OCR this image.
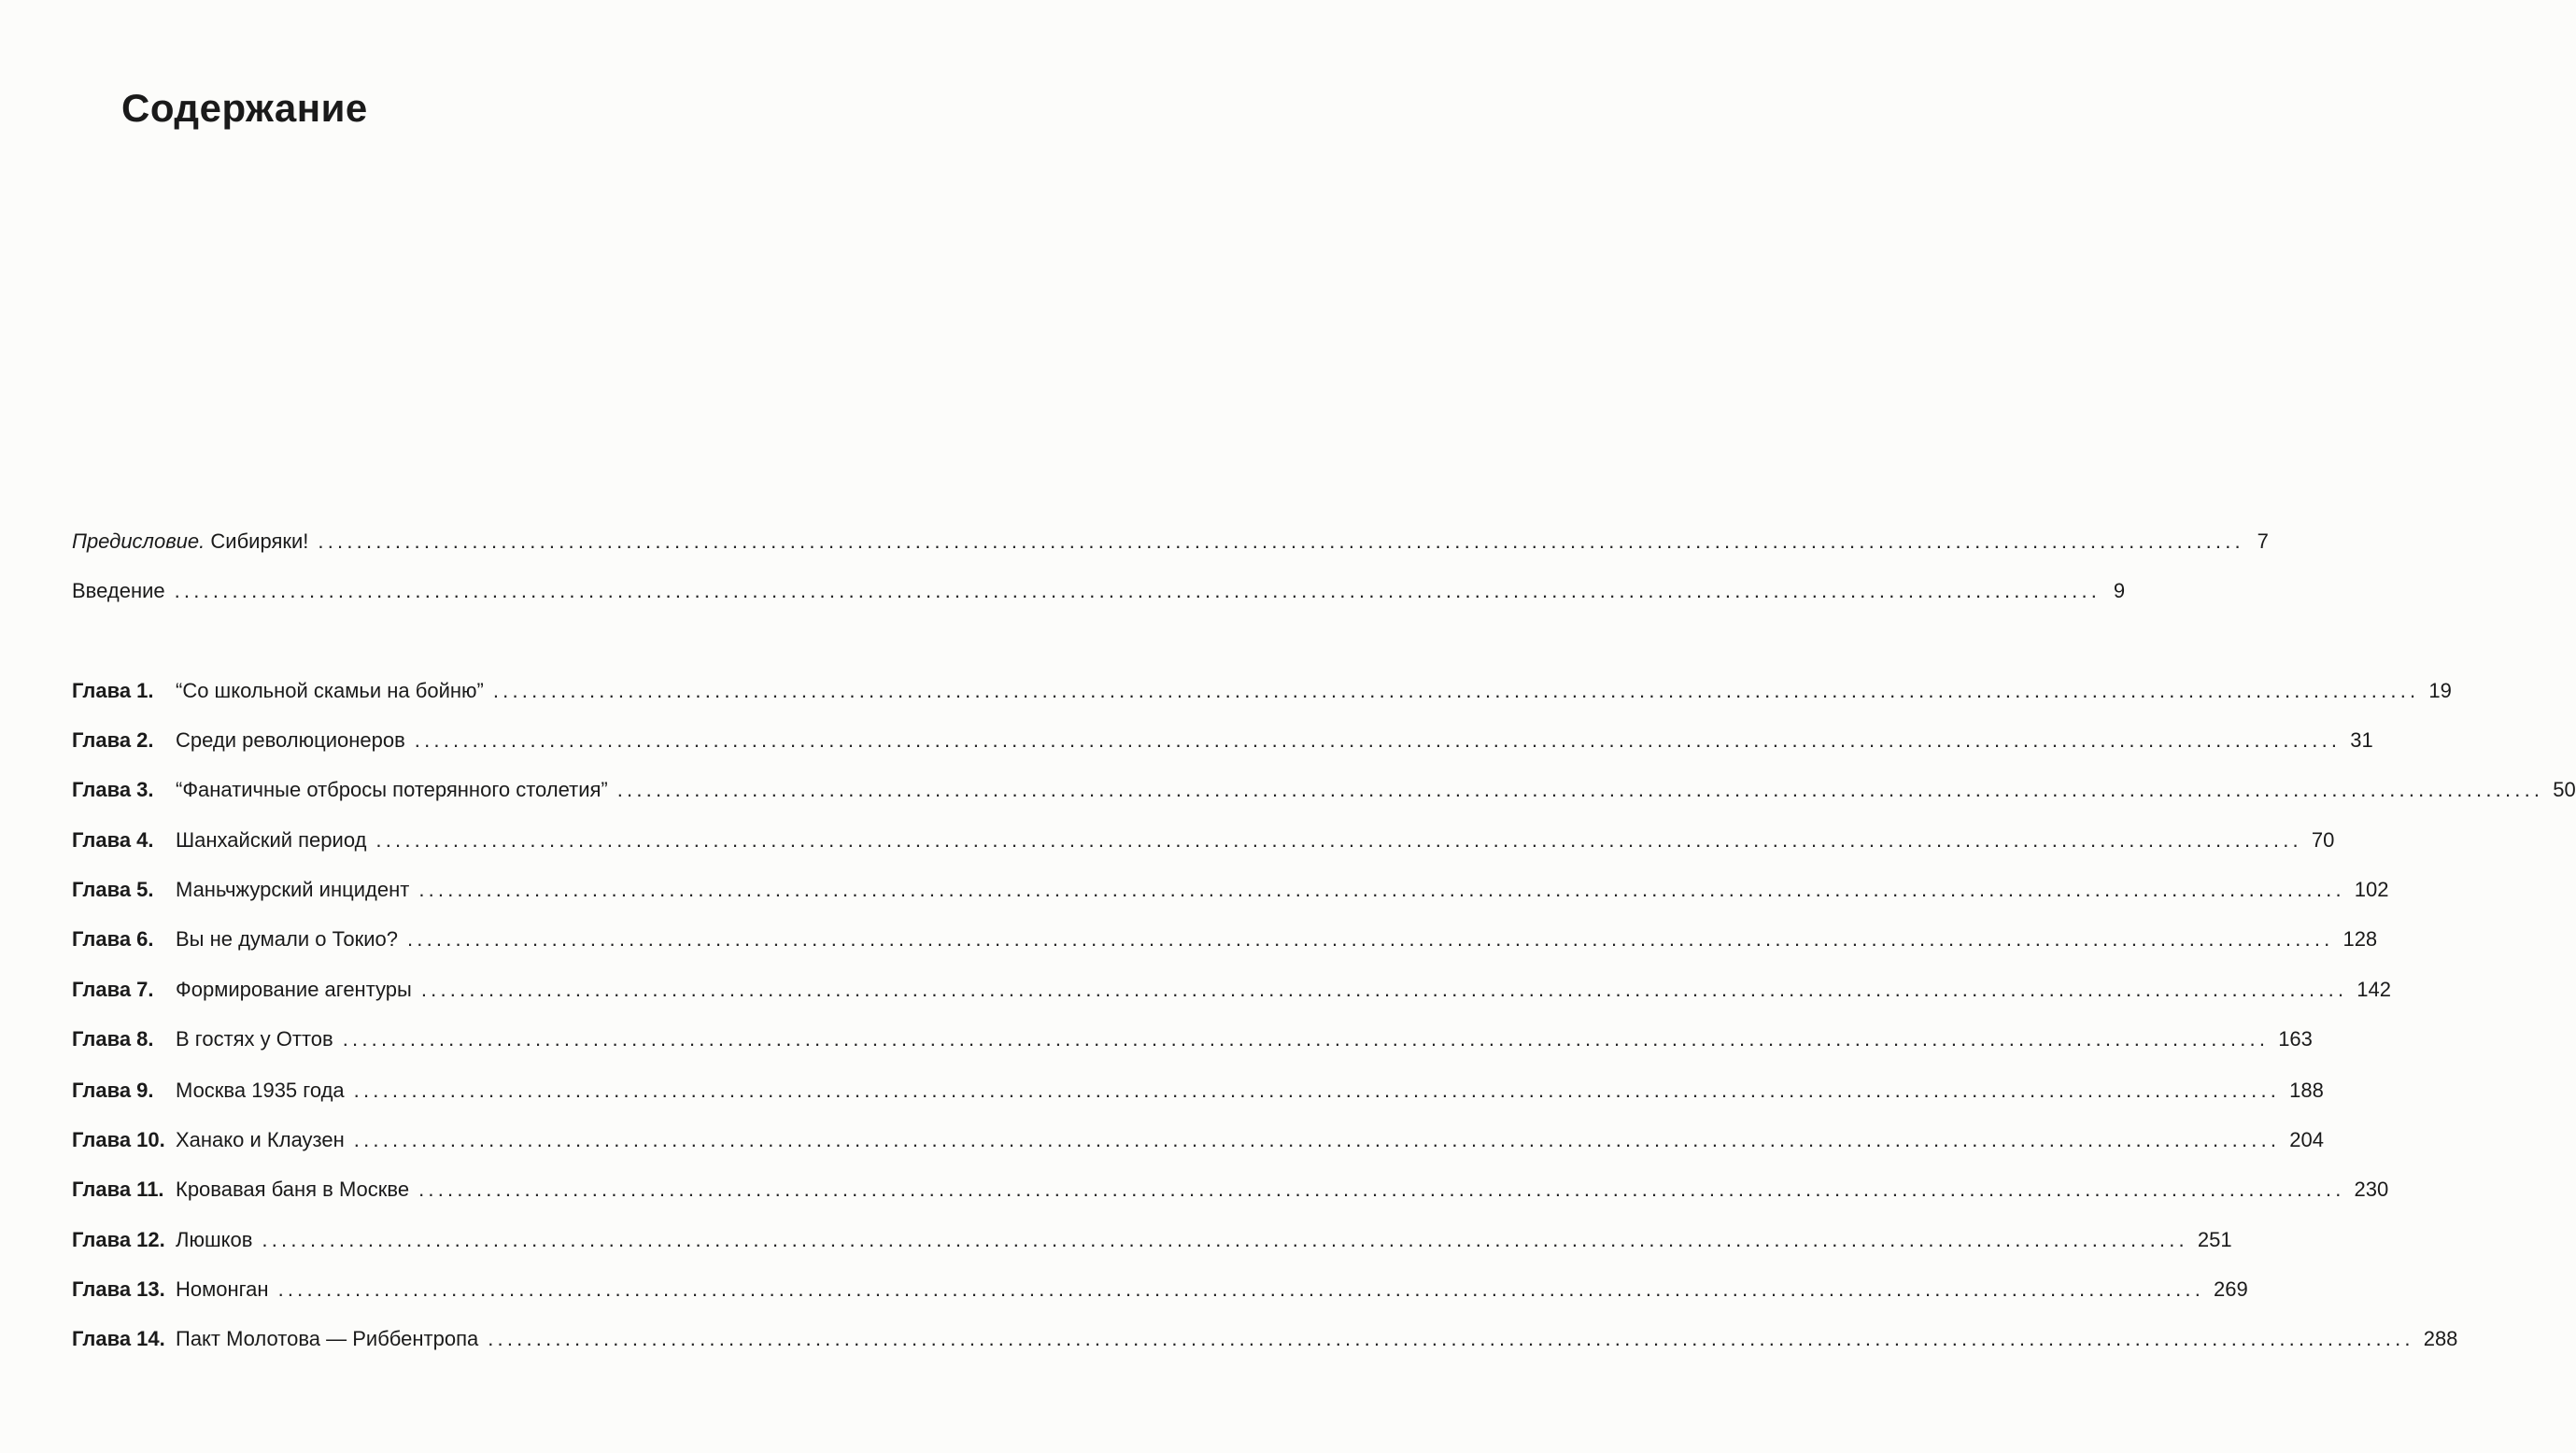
Содержание
Предисловие. Сибиряки! ........................................................................................................................................................................................................ 7
Введение ........................................................................................................................................................................................................ 9
Глава 1.	“Со школьной скамьи на бойню” ........................................................................................................................................................................................................ 19
Глава 2.	Среди революционеров ........................................................................................................................................................................................................ 31
Глава 3.	“Фанатичные отбросы потерянного столетия” ........................................................................................................................................................................................................ 50
Глава 4.	Шанхайский период ........................................................................................................................................................................................................ 70
Глава 5.	Маньчжурский инцидент ........................................................................................................................................................................................................ 102
Глава 6.	Вы не думали о Токио? ........................................................................................................................................................................................................ 128
Глава 7.	Формирование агентуры ........................................................................................................................................................................................................ 142
Глава 8.	В гостях у Оттов ........................................................................................................................................................................................................ 163
Глава 9.	Москва 1935 года ........................................................................................................................................................................................................ 188
Глава 10. Ханако и Клаузен ........................................................................................................................................................................................................ 204
Глава 11. Кровавая баня в Москве ........................................................................................................................................................................................................ 230
Глава 12. Люшков ........................................................................................................................................................................................................ 251
Глава 13. Номонган ........................................................................................................................................................................................................ 269
Глава 14. Пакт Молотова — Риббентропа ........................................................................................................................................................................................................ 288
